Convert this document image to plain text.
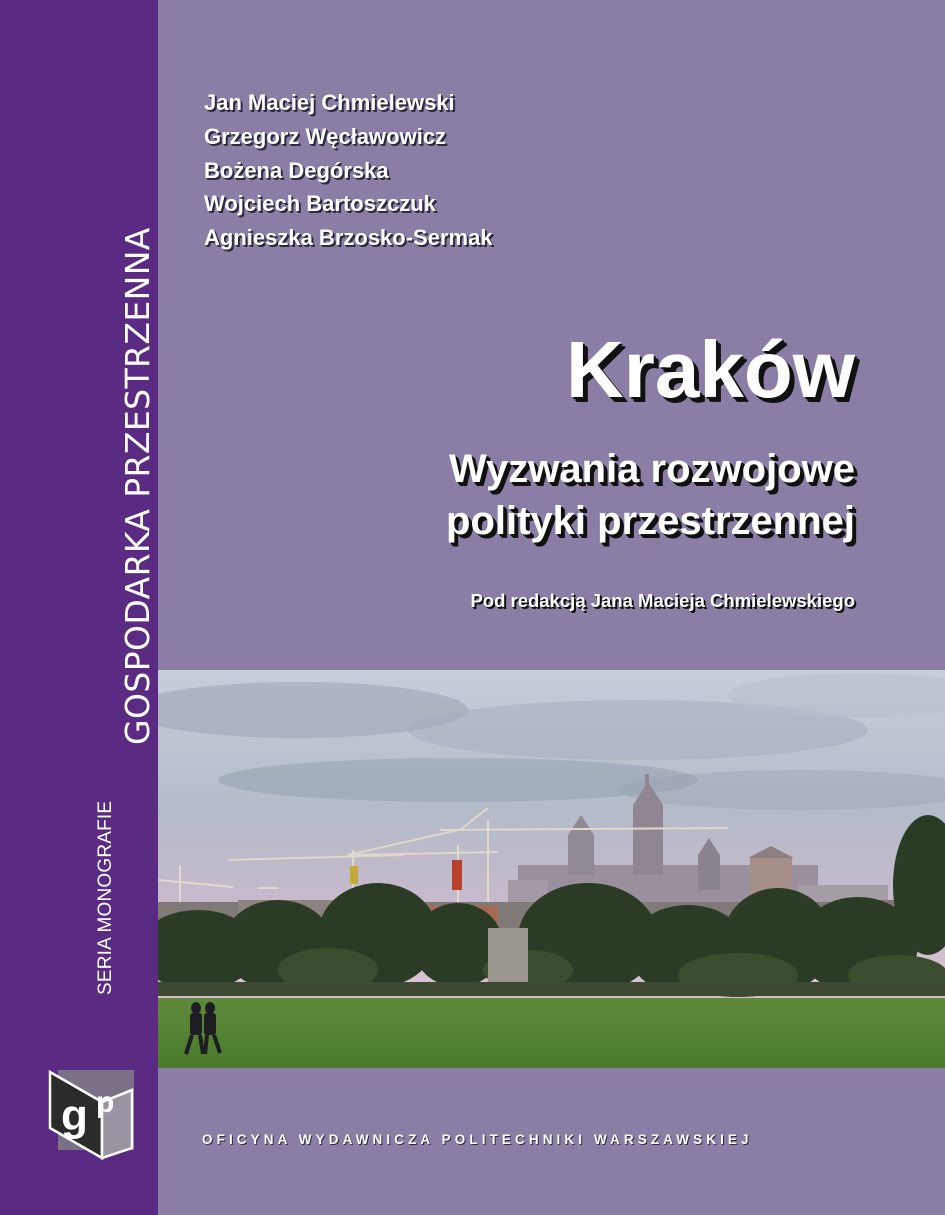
GOSPODARKA PRZESTRZENNA
SERIA MONOGRAFIE
g p
Jan Maciej Chmielewski
Grzegorz Węcławowicz
Bożena Degórska
Wojciech Bartoszczuk
Agnieszka Brzosko-Sermak
Kraków
Wyzwania rozwojowe
polityki przestrzennej
Pod redakcją Jana Macieja Chmielewskiego
OFICYNA WYDAWNICZA POLITECHNIKI WARSZAWSKIEJ
